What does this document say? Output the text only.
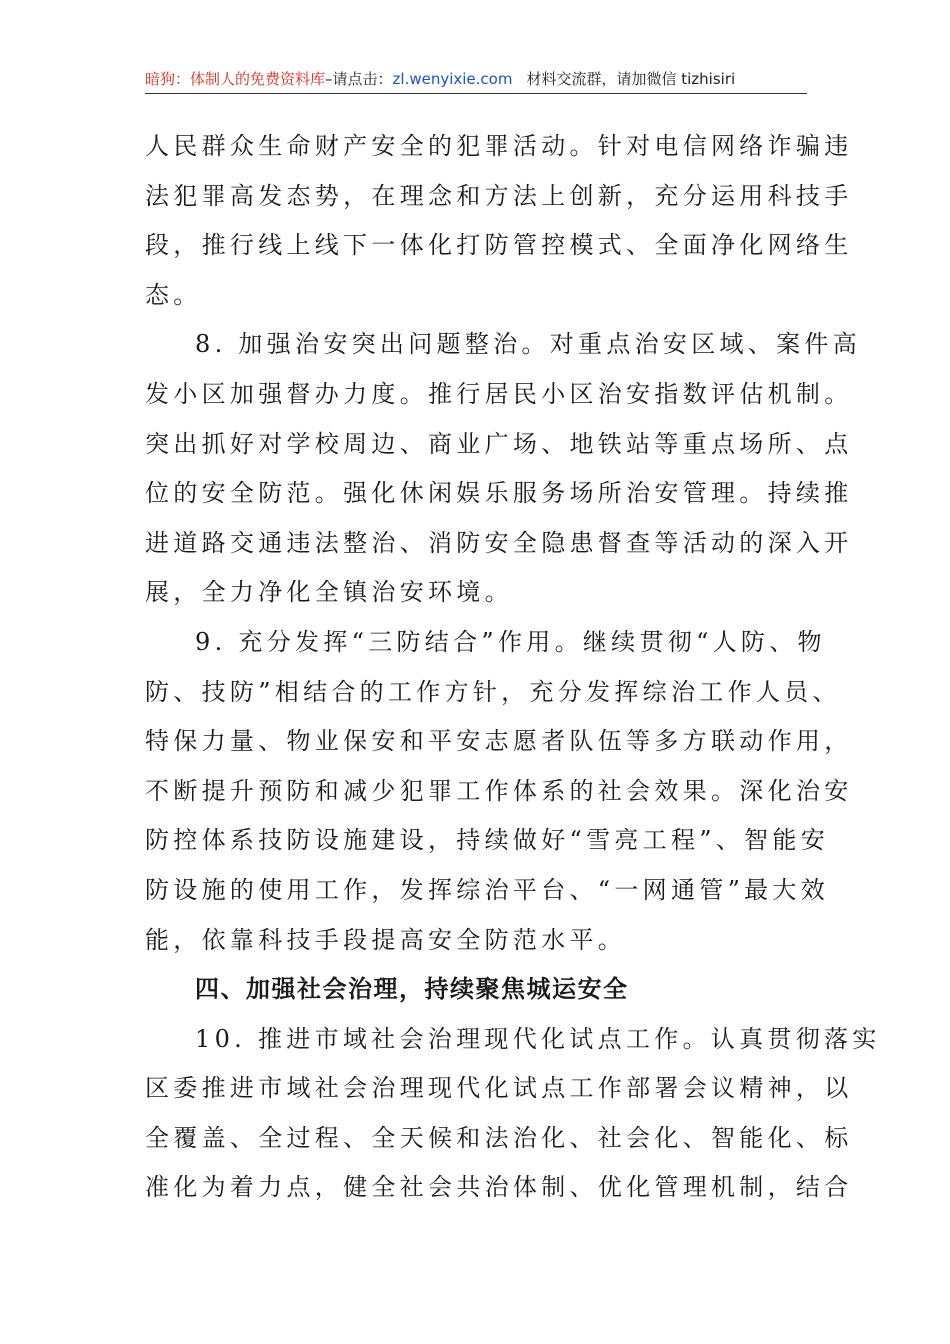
暗狗：体制人的免费资料库 –请点击： zl.wenyixie.com 材料交流群，请加微信 tizhisiri
人民群众生命财产安全的犯罪活动。针对电信网络诈骗违
法犯罪高发态势，在理念和方法上创新，充分运用科技手
段，推行线上线下一体化打防管控模式、全面净化网络生
态。
8. 加强治安突出问题整治。对重点治安区域、案件高
发小区加强督办力度。推行居民小区治安指数评估机制。
突出抓好对学校周边、商业广场、地铁站等重点场所、点
位的安全防范。强化休闲娱乐服务场所治安管理。持续推
进道路交通违法整治、消防安全隐患督查等活动的深入开
展，全力净化全镇治安环境。
9. 充分发挥“三防结合”作用。继续贯彻“人防、物
防、技防”相结合的工作方针，充分发挥综治工作人员、
特保力量、物业保安和平安志愿者队伍等多方联动作用，
不断提升预防和减少犯罪工作体系的社会效果。深化治安
防控体系技防设施建设，持续做好“雪亮工程”、智能安
防设施的使用工作，发挥综治平台、“一网通管”最大效
能，依靠科技手段提高安全防范水平。
四、加强社会治理，持续聚焦城运安全
10. 推进市域社会治理现代化试点工作。认真贯彻落实
区委推进市域社会治理现代化试点工作部署会议精神，以
全覆盖、全过程、全天候和法治化、社会化、智能化、标
准化为着力点，健全社会共治体制、优化管理机制，结合
